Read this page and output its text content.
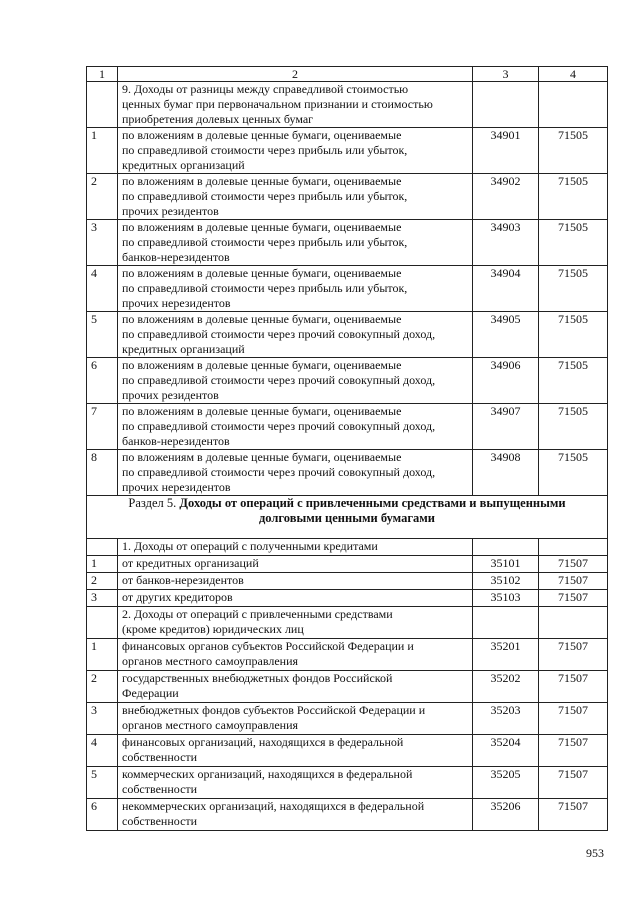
1	2	3	4
	9. Доходы от разницы между справедливой стоимостью
ценных бумаг при первоначальном признании и стоимостью
приобретения долевых ценных бумаг		
1	по вложениям в долевые ценные бумаги, оцениваемые
по справедливой стоимости через прибыль или убыток,
кредитных организаций	34901	71505
2	по вложениям в долевые ценные бумаги, оцениваемые
по справедливой стоимости через прибыль или убыток,
прочих резидентов	34902	71505
3	по вложениям в долевые ценные бумаги, оцениваемые
по справедливой стоимости через прибыль или убыток,
банков-нерезидентов	34903	71505
4	по вложениям в долевые ценные бумаги, оцениваемые
по справедливой стоимости через прибыль или убыток,
прочих нерезидентов	34904	71505
5	по вложениям в долевые ценные бумаги, оцениваемые
по справедливой стоимости через прочий совокупный доход,
кредитных организаций	34905	71505
6	по вложениям в долевые ценные бумаги, оцениваемые
по справедливой стоимости через прочий совокупный доход,
прочих резидентов	34906	71505
7	по вложениям в долевые ценные бумаги, оцениваемые
по справедливой стоимости через прочий совокупный доход,
банков-нерезидентов	34907	71505
8	по вложениям в долевые ценные бумаги, оцениваемые
по справедливой стоимости через прочий совокупный доход,
прочих нерезидентов	34908	71505
Раздел 5. Доходы от операций с привлеченными средствами и выпущенными
долговыми ценными бумагами			
	1. Доходы от операций с полученными кредитами		
1	от кредитных организаций	35101	71507
2	от банков-нерезидентов	35102	71507
3	от других кредиторов	35103	71507
	2. Доходы от операций с привлеченными средствами
(кроме кредитов) юридических лиц		
1	финансовых органов субъектов Российской Федерации и
органов местного самоуправления	35201	71507
2	государственных внебюджетных фондов Российской
Федерации	35202	71507
3	внебюджетных фондов субъектов Российской Федерации и
органов местного самоуправления	35203	71507
4	финансовых организаций, находящихся в федеральной
собственности	35204	71507
5	коммерческих организаций, находящихся в федеральной
собственности	35205	71507
6	некоммерческих организаций, находящихся в федеральной
собственности	35206	71507
953
